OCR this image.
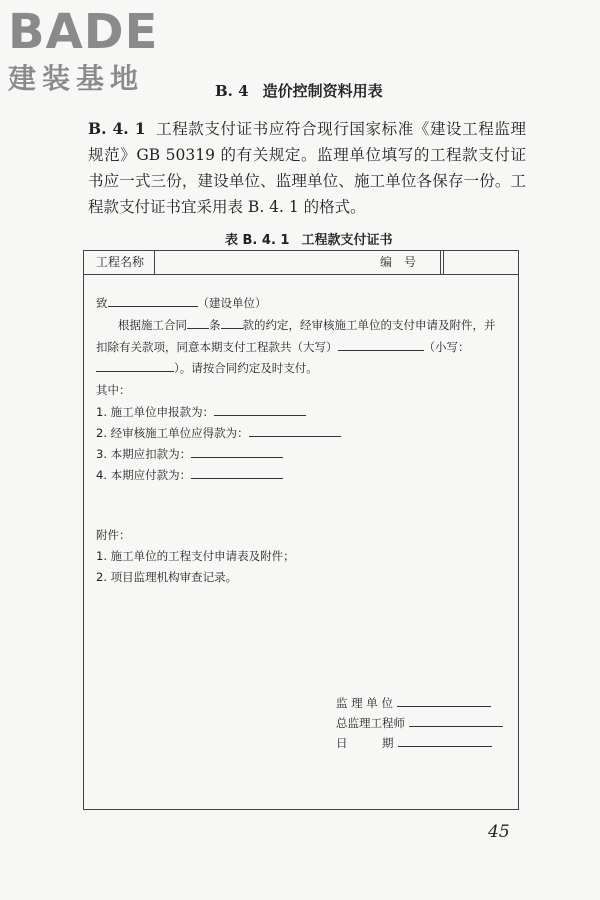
BADE
建装基地	B. 4 造价控制资料用表
B. 4. 1 工程款支付证书应符合现行国家标准《建设工程监理规范》GB 50319 的有关规定。监理单位填写的工程款支付证书应一式三份，建设单位、监理单位、施工单位各保存一份。工程款支付证书宜采用表 B. 4. 1 的格式。
表 B. 4. 1 工程款支付证书
工程名称	编　号
致	（建设单位）
根据施工合同 条 款的约定，经审核施工单位的支付申请及附件，并
扣除有关款项，同意本期支付工程款共（大写）	（小写：
）。请按合同约定及时支付。
其中：
1. 施工单位申报款为：
2. 经审核施工单位应得款为：
3. 本期应扣款为：
4. 本期应付款为：
附件：
1. 施工单位的工程支付申请表及附件；
2. 项目监理机构审查记录。
监 理 单 位
总监理工程师
日　　　期
45
